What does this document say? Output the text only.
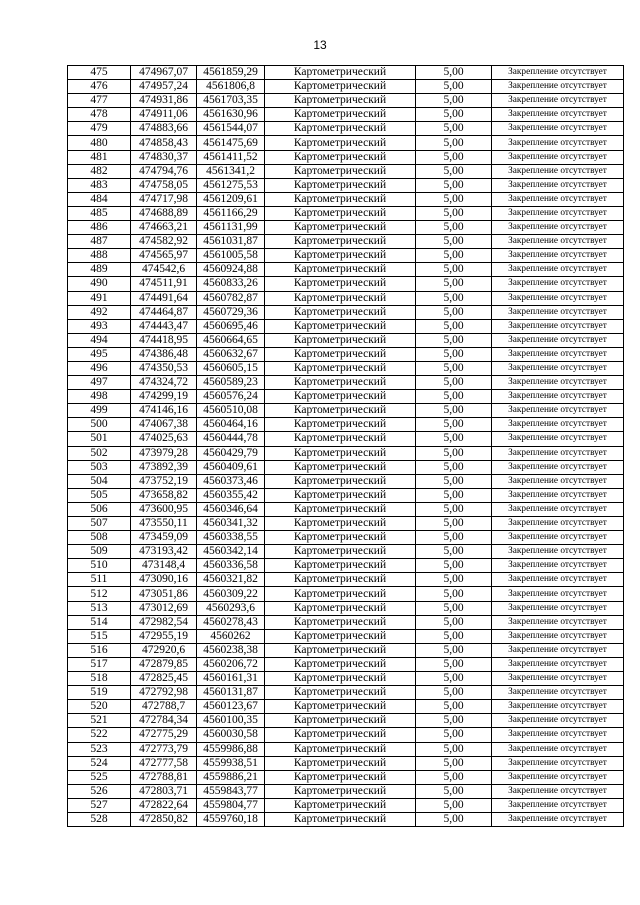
13
475	474967,07	4561859,29	Картометрический	5,00	Закрепление отсутствует
476	474957,24	4561806,8	Картометрический	5,00	Закрепление отсутствует
477	474931,86	4561703,35	Картометрический	5,00	Закрепление отсутствует
478	474911,06	4561630,96	Картометрический	5,00	Закрепление отсутствует
479	474883,66	4561544,07	Картометрический	5,00	Закрепление отсутствует
480	474858,43	4561475,69	Картометрический	5,00	Закрепление отсутствует
481	474830,37	4561411,52	Картометрический	5,00	Закрепление отсутствует
482	474794,76	4561341,2	Картометрический	5,00	Закрепление отсутствует
483	474758,05	4561275,53	Картометрический	5,00	Закрепление отсутствует
484	474717,98	4561209,61	Картометрический	5,00	Закрепление отсутствует
485	474688,89	4561166,29	Картометрический	5,00	Закрепление отсутствует
486	474663,21	4561131,99	Картометрический	5,00	Закрепление отсутствует
487	474582,92	4561031,87	Картометрический	5,00	Закрепление отсутствует
488	474565,97	4561005,58	Картометрический	5,00	Закрепление отсутствует
489	474542,6	4560924,88	Картометрический	5,00	Закрепление отсутствует
490	474511,91	4560833,26	Картометрический	5,00	Закрепление отсутствует
491	474491,64	4560782,87	Картометрический	5,00	Закрепление отсутствует
492	474464,87	4560729,36	Картометрический	5,00	Закрепление отсутствует
493	474443,47	4560695,46	Картометрический	5,00	Закрепление отсутствует
494	474418,95	4560664,65	Картометрический	5,00	Закрепление отсутствует
495	474386,48	4560632,67	Картометрический	5,00	Закрепление отсутствует
496	474350,53	4560605,15	Картометрический	5,00	Закрепление отсутствует
497	474324,72	4560589,23	Картометрический	5,00	Закрепление отсутствует
498	474299,19	4560576,24	Картометрический	5,00	Закрепление отсутствует
499	474146,16	4560510,08	Картометрический	5,00	Закрепление отсутствует
500	474067,38	4560464,16	Картометрический	5,00	Закрепление отсутствует
501	474025,63	4560444,78	Картометрический	5,00	Закрепление отсутствует
502	473979,28	4560429,79	Картометрический	5,00	Закрепление отсутствует
503	473892,39	4560409,61	Картометрический	5,00	Закрепление отсутствует
504	473752,19	4560373,46	Картометрический	5,00	Закрепление отсутствует
505	473658,82	4560355,42	Картометрический	5,00	Закрепление отсутствует
506	473600,95	4560346,64	Картометрический	5,00	Закрепление отсутствует
507	473550,11	4560341,32	Картометрический	5,00	Закрепление отсутствует
508	473459,09	4560338,55	Картометрический	5,00	Закрепление отсутствует
509	473193,42	4560342,14	Картометрический	5,00	Закрепление отсутствует
510	473148,4	4560336,58	Картометрический	5,00	Закрепление отсутствует
511	473090,16	4560321,82	Картометрический	5,00	Закрепление отсутствует
512	473051,86	4560309,22	Картометрический	5,00	Закрепление отсутствует
513	473012,69	4560293,6	Картометрический	5,00	Закрепление отсутствует
514	472982,54	4560278,43	Картометрический	5,00	Закрепление отсутствует
515	472955,19	4560262	Картометрический	5,00	Закрепление отсутствует
516	472920,6	4560238,38	Картометрический	5,00	Закрепление отсутствует
517	472879,85	4560206,72	Картометрический	5,00	Закрепление отсутствует
518	472825,45	4560161,31	Картометрический	5,00	Закрепление отсутствует
519	472792,98	4560131,87	Картометрический	5,00	Закрепление отсутствует
520	472788,7	4560123,67	Картометрический	5,00	Закрепление отсутствует
521	472784,34	4560100,35	Картометрический	5,00	Закрепление отсутствует
522	472775,29	4560030,58	Картометрический	5,00	Закрепление отсутствует
523	472773,79	4559986,88	Картометрический	5,00	Закрепление отсутствует
524	472777,58	4559938,51	Картометрический	5,00	Закрепление отсутствует
525	472788,81	4559886,21	Картометрический	5,00	Закрепление отсутствует
526	472803,71	4559843,77	Картометрический	5,00	Закрепление отсутствует
527	472822,64	4559804,77	Картометрический	5,00	Закрепление отсутствует
528	472850,82	4559760,18	Картометрический	5,00	Закрепление отсутствует
